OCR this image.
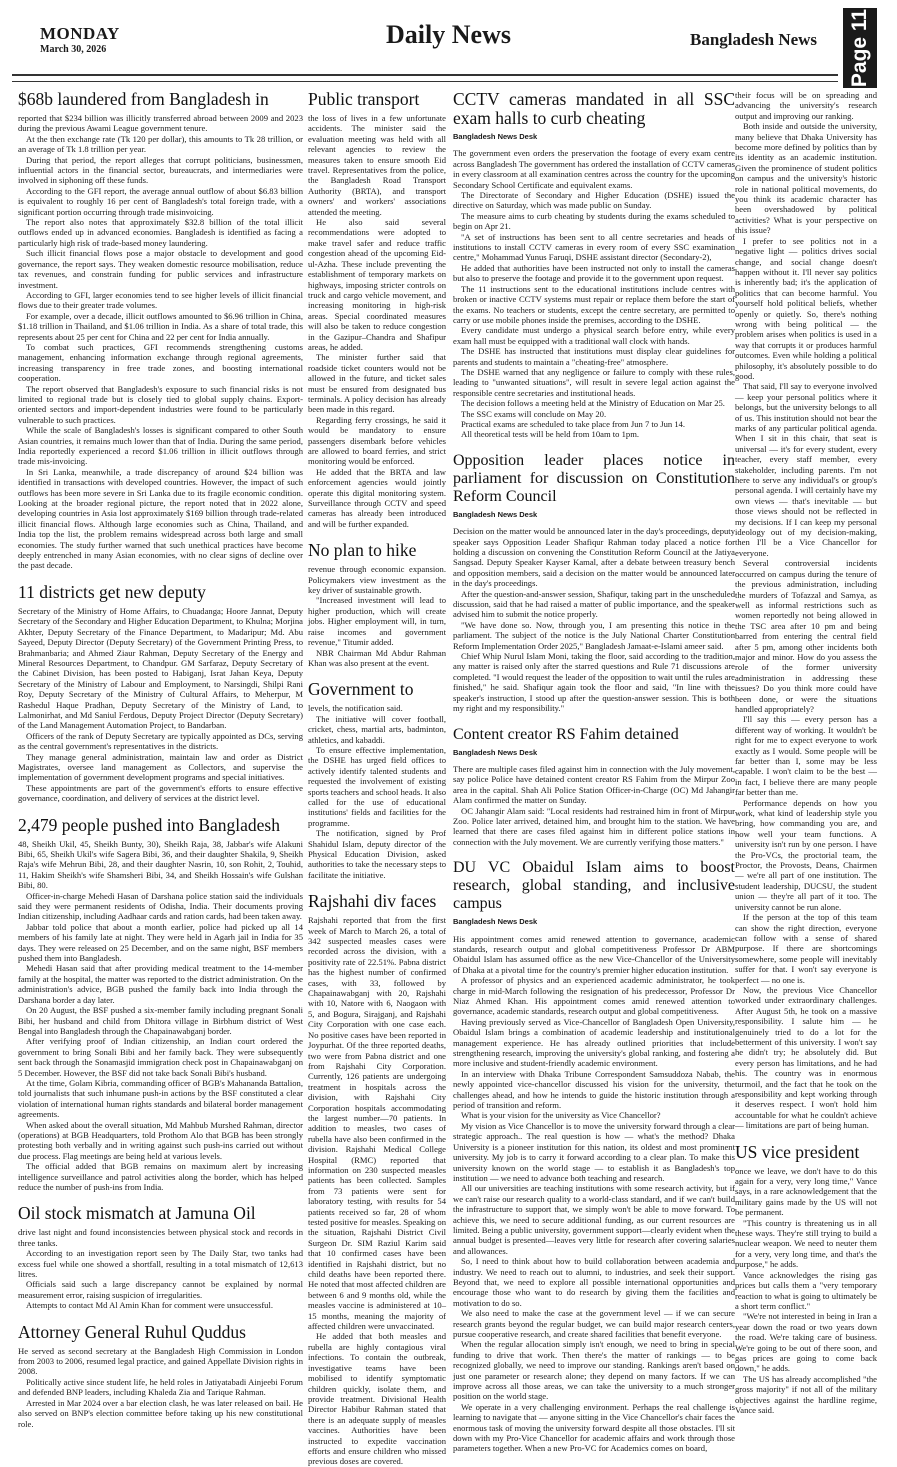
MONDAY
March 30, 2026
Daily News	Bangladesh News Page 11
$68b laundered from Bangladesh in

reported that $234 billion was illicitly transferred abroad between 2009 and 2023 during the previous Awami League government tenure.

At the then exchange rate (Tk 120 per dollar), this amounts to Tk 28 trillion, or an average of Tk 1.8 trillion per year.

During that period, the report alleges that corrupt politicians, businessmen, influential actors in the financial sector, bureaucrats, and intermediaries were involved in siphoning off these funds.

According to the GFI report, the average annual outflow of about $6.83 billion is equivalent to roughly 16 per cent of Bangladesh's total foreign trade, with a significant portion occurring through trade misinvoicing.

The report also notes that approximately $32.8 billion of the total illicit outflows ended up in advanced economies. Bangladesh is identified as facing a particularly high risk of trade-based money laundering.

Such illicit financial flows pose a major obstacle to development and good governance, the report says. They weaken domestic resource mobilisation, reduce tax revenues, and constrain funding for public services and infrastructure investment.

According to GFI, larger economies tend to see higher levels of illicit financial flows due to their greater trade volumes.

For example, over a decade, illicit outflows amounted to $6.96 trillion in China, $1.18 trillion in Thailand, and $1.06 trillion in India. As a share of total trade, this represents about 25 per cent for China and 22 per cent for India annually.

To combat such practices, GFI recommends strengthening customs management, enhancing information exchange through regional agreements, increasing transparency in free trade zones, and boosting international cooperation.

The report observed that Bangladesh's exposure to such financial risks is not limited to regional trade but is closely tied to global supply chains. Export-oriented sectors and import-dependent industries were found to be particularly vulnerable to such practices.

While the scale of Bangladesh's losses is significant compared to other South Asian countries, it remains much lower than that of India. During the same period, India reportedly experienced a record $1.06 trillion in illicit outflows through trade mis-invoicing.

In Sri Lanka, meanwhile, a trade discrepancy of around $24 billion was identified in transactions with developed countries. However, the impact of such outflows has been more severe in Sri Lanka due to its fragile economic condition. Looking at the broader regional picture, the report noted that in 2022 alone, developing countries in Asia lost approximately $169 billion through trade-related illicit financial flows. Although large economies such as China, Thailand, and India top the list, the problem remains widespread across both large and small economies. The study further warned that such unethical practices have become deeply entrenched in many Asian economies, with no clear signs of decline over the past decade.

11 districts get new deputy

Secretary of the Ministry of Home Affairs, to Chuadanga; Hoore Jannat, Deputy Secretary of the Secondary and Higher Education Department, to Khulna; Morjina Akhter, Deputy Secretary of the Finance Department, to Madaripur; Md. Abu Sayeed, Deputy Director (Deputy Secretary) of the Government Printing Press, to Brahmanbaria; and Ahmed Ziaur Rahman, Deputy Secretary of the Energy and Mineral Resources Department, to Chandpur. GM Sarfaraz, Deputy Secretary of the Cabinet Division, has been posted to Habiganj, Israt Jahan Keya, Deputy Secretary of the Ministry of Labour and Employment, to Narsingdi, Shilpi Rani Roy, Deputy Secretary of the Ministry of Cultural Affairs, to Meherpur, M Rashedul Haque Pradhan, Deputy Secretary of the Ministry of Land, to Lalmonirhat, and Md Saniul Ferdous, Deputy Project Director (Deputy Secretary) of the Land Management Automation Project, to Bandarban.

Officers of the rank of Deputy Secretary are typically appointed as DCs, serving as the central government's representatives in the districts.

They manage general administration, maintain law and order as District Magistrates, oversee land management as Collectors, and supervise the implementation of government development programs and special initiatives.

These appointments are part of the government's efforts to ensure effective governance, coordination, and delivery of services at the district level.

2,479 people pushed into Bangladesh

48, Sheikh Ukil, 45, Sheikh Bunty, 30), Sheikh Raja, 38, Jabbar's wife Alakuni Bibi, 65, Sheikh Ukil's wife Sagera Bibi, 36, and their daughter Shakila, 9, Sheikh Raja's wife Mehrun Bibi, 28, and their daughter Nasrin, 10, son Rohit, 2, Touhid, 11, Hakim Sheikh's wife Shamsheri Bibi, 34, and Sheikh Hossain's wife Gulshan Bibi, 80.

Officer-in-charge Mehedi Hasan of Darshana police station said the individuals said they were permanent residents of Odisha, India. Their documents proving Indian citizenship, including Aadhaar cards and ration cards, had been taken away.

Jabbar told police that about a month earlier, police had picked up all 14 members of his family late at night. They were held in Agarh jail in India for 35 days. They were released on 25 December, and on the same night, BSF members pushed them into Bangladesh.

Mehedi Hasan said that after providing medical treatment to the 14-member family at the hospital, the matter was reported to the district administration. On the administration's advice, BGB pushed the family back into India through the Darshana border a day later.

On 20 August, the BSF pushed a six-member family including pregnant Sonali Bibi, her husband and child from Dhitora village in Birbhum district of West Bengal into Bangladesh through the Chapainawabganj border.

After verifying proof of Indian citizenship, an Indian court ordered the government to bring Sonali Bibi and her family back. They were subsequently sent back through the Sonamasjid immigration check post in Chapainawabganj on 5 December. However, the BSF did not take back Sonali Bibi's husband.

At the time, Golam Kibria, commanding officer of BGB's Mahananda Battalion, told journalists that such inhumane push-in actions by the BSF constituted a clear violation of international human rights standards and bilateral border management agreements.

When asked about the overall situation, Md Mahbub Murshed Rahman, director (operations) at BGB Headquarters, told Prothom Alo that BGB has been strongly protesting both verbally and in writing against such push-ins carried out without due process. Flag meetings are being held at various levels.

The official added that BGB remains on maximum alert by increasing intelligence surveillance and patrol activities along the border, which has helped reduce the number of push-ins from India.

Oil stock mismatch at Jamuna Oil

drive last night and found inconsistencies between physical stock and records in three tanks.

According to an investigation report seen by The Daily Star, two tanks had excess fuel while one showed a shortfall, resulting in a total mismatch of 12,613 litres.

Officials said such a large discrepancy cannot be explained by normal measurement error, raising suspicion of irregularities.

Attempts to contact Md Al Amin Khan for comment were unsuccessful.

Attorney General Ruhul Quddus

He served as second secretary at the Bangladesh High Commission in London from 2003 to 2006, resumed legal practice, and gained Appellate Division rights in 2008.

Politically active since student life, he held roles in Jatiyatabadi Ainjeebi Forum and defended BNP leaders, including Khaleda Zia and Tarique Rahman.

Arrested in Mar 2024 over a bar election clash, he was later released on bail. He also served on BNP's election committee before taking up his new constitutional role.

Public transport

the loss of lives in a few unfortunate accidents. The minister said the evaluation meeting was held with all relevant agencies to review the measures taken to ensure smooth Eid travel. Representatives from the police, the Bangladesh Road Transport Authority (BRTA), and transport owners' and workers' associations attended the meeting.

He also said several recommendations were adopted to make travel safer and reduce traffic congestion ahead of the upcoming Eid-ul-Azha. These include preventing the establishment of temporary markets on highways, imposing stricter controls on truck and cargo vehicle movement, and increasing monitoring in high-risk areas. Special coordinated measures will also be taken to reduce congestion in the Gazipur–Chandra and Shafipur areas, he added.

The minister further said that roadside ticket counters would not be allowed in the future, and ticket sales must be ensured from designated bus terminals. A policy decision has already been made in this regard.

Regarding ferry crossings, he said it would be mandatory to ensure passengers disembark before vehicles are allowed to board ferries, and strict monitoring would be enforced.

He added that the BRTA and law enforcement agencies would jointly operate this digital monitoring system. Surveillance through CCTV and speed cameras has already been introduced and will be further expanded.

No plan to hike

revenue through economic expansion. Policymakers view investment as the key driver of sustainable growth.

"Increased investment will lead to higher production, which will create jobs. Higher employment will, in turn, raise incomes and government revenue," Titumir added.

NBR Chairman Md Abdur Rahman Khan was also present at the event.

Government to

levels, the notification said.

The initiative will cover football, cricket, chess, martial arts, badminton, athletics, and kabaddi.

To ensure effective implementation, the DSHE has urged field offices to actively identify talented students and requested the involvement of existing sports teachers and school heads. It also called for the use of educational institutions' fields and facilities for the programme.

The notification, signed by Prof Shahidul Islam, deputy director of the Physical Education Division, asked authorities to take the necessary steps to facilitate the initiative.

Rajshahi div faces

Rajshahi reported that from the first week of March to March 26, a total of 342 suspected measles cases were recorded across the division, with a positivity rate of 22.51%. Pabna district has the highest number of confirmed cases, with 33, followed by Chapainawabganj with 20, Rajshahi with 10, Natore with 6, Naogaon with 5, and Bogura, Sirajganj, and Rajshahi City Corporation with one case each. No positive cases have been reported in Joypurhat. Of the three reported deaths, two were from Pabna district and one from Rajshahi City Corporation. Currently, 126 patients are undergoing treatment in hospitals across the division, with Rajshahi City Corporation hospitals accommodating the largest number—70 patients. In addition to measles, two cases of rubella have also been confirmed in the division. Rajshahi Medical College Hospital (RMC) reported that information on 230 suspected measles patients has been collected. Samples from 73 patients were sent for laboratory testing, with results for 54 patients received so far, 28 of whom tested positive for measles. Speaking on the situation, Rajshahi District Civil Surgeon Dr. SIM Raziul Karim said that 10 confirmed cases have been identified in Rajshahi district, but no child deaths have been reported there. He noted that most affected children are between 6 and 9 months old, while the measles vaccine is administered at 10–15 months, meaning the majority of affected children were unvaccinated.

He added that both measles and rubella are highly contagious viral infections. To contain the outbreak, investigative teams have been mobilised to identify symptomatic children quickly, isolate them, and provide treatment. Divisional Health Director Habibur Rahman stated that there is an adequate supply of measles vaccines. Authorities have been instructed to expedite vaccination efforts and ensure children who missed previous doses are covered.

CCTV cameras mandated in all SSC exam halls to curb cheating
Bangladesh News Desk

The government even orders the preservation the footage of every exam centre across Bangladesh The government has ordered the installation of CCTV cameras in every classroom at all examination centres across the country for the upcoming Secondary School Certificate and equivalent exams.

The Directorate of Secondary and Higher Education (DSHE) issued the directive on Saturday, which was made public on Sunday.

The measure aims to curb cheating by students during the exams scheduled to begin on Apr 21.

"A set of instructions has been sent to all centre secretaries and heads of institutions to install CCTV cameras in every room of every SSC examination centre," Mohammad Yunus Faruqi, DSHE assistant director (Secondary-2),

He added that authorities have been instructed not only to install the cameras but also to preserve the footage and provide it to the government upon request.

The 11 instructions sent to the educational institutions include centres with broken or inactive CCTV systems must repair or replace them before the start of the exams. No teachers or students, except the centre secretary, are permitted to carry or use mobile phones inside the premises, according to the DSHE.

Every candidate must undergo a physical search before entry, while every exam hall must be equipped with a traditional wall clock with hands.

The DSHE has instructed that institutions must display clear guidelines for parents and students to maintain a "cheating-free" atmosphere.

The DSHE warned that any negligence or failure to comply with these rules, leading to "unwanted situations", will result in severe legal action against the responsible centre secretaries and institutional heads.

The decision follows a meeting held at the Ministry of Education on Mar 25.

The SSC exams will conclude on May 20.

Practical exams are scheduled to take place from Jun 7 to Jun 14.

All theoretical tests will be held from 10am to 1pm.

Opposition leader places notice in parliament for discussion on Constitution Reform Council
Bangladesh News Desk

Decision on the matter would be announced later in the day's proceedings, deputy speaker says Opposition Leader Shafiqur Rahman today placed a notice for holding a discussion on convening the Constitution Reform Council at the Jatiya Sangsad. Deputy Speaker Kayser Kamal, after a debate between treasury bench and opposition members, said a decision on the matter would be announced later in the day's proceedings.

After the question-and-answer session, Shafiqur, taking part in the unscheduled discussion, said that he had raised a matter of public importance, and the speaker advised him to submit the notice properly.

"We have done so. Now, through you, I am presenting this notice in the parliament. The subject of the notice is the July National Charter Constitution Reform Implementation Order 2025," Bangladesh Jamaat-e-Islami ameer said.

Chief Whip Nurul Islam Moni, taking the floor, said according to the tradition, any matter is raised only after the starred questions and Rule 71 discussions are completed. "I would request the leader of the opposition to wait until the rules are finished," he said. Shafiqur again took the floor and said, "In line with the speaker's instruction, I stood up after the question-answer session. This is both my right and my responsibility."

Content creator RS Fahim detained
Bangladesh News Desk

There are multiple cases filed against him in connection with the July movement, say police Police have detained content creator RS Fahim from the Mirpur Zoo area in the capital. Shah Ali Police Station Officer-in-Charge (OC) Md Jahangir Alam confirmed the matter on Sunday.

OC Jahangir Alam said: "Local residents had restrained him in front of Mirpur Zoo. Police later arrived, detained him, and brought him to the station. We have learned that there are cases filed against him in different police stations in connection with the July movement. We are currently verifying those matters."

DU VC Obaidul Islam aims to boost research, global standing, and inclusive campus
Bangladesh News Desk

His appointment comes amid renewed attention to governance, academic standards, research output and global competitiveness Professor Dr ABM Obaidul Islam has assumed office as the new Vice-Chancellor of the University of Dhaka at a pivotal time for the country's premier higher education institution.

A professor of physics and an experienced academic administrator, he took charge in mid-March following the resignation of his predecessor, Professor Dr Niaz Ahmed Khan. His appointment comes amid renewed attention to governance, academic standards, research output and global competitiveness.

Having previously served as Vice-Chancellor of Bangladesh Open University, Obaidul Islam brings a combination of academic leadership and institutional management experience. He has already outlined priorities that include strengthening research, improving the university's global ranking, and fostering a more inclusive and student-friendly academic environment.

In an interview with Dhaka Tribune Correspondent Samsuddoza Nabab, the newly appointed vice-chancellor discussed his vision for the university, the challenges ahead, and how he intends to guide the historic institution through a period of transition and reform.

What is your vision for the university as Vice Chancellor?

My vision as Vice Chancellor is to move the university forward through a clear strategic approach.. The real question is how — what's the method? Dhaka University is a pioneer institution for this nation, its oldest and most prominent university. My job is to carry it forward according to a clear plan. To make this university known on the world stage — to establish it as Bangladesh's top institution — we need to advance both teaching and research.

All our universities are teaching institutions with some research activity, but if we can't raise our research quality to a world-class standard, and if we can't build the infrastructure to support that, we simply won't be able to move forward. To achieve this, we need to secure additional funding, as our current resources are limited. Being a public university, government support—clearly evident when the annual budget is presented—leaves very little for research after covering salaries and allowances.

So, I need to think about how to build collaboration between academia and industry. We need to reach out to alumni, to industries, and seek their support. Beyond that, we need to explore all possible international opportunities and encourage those who want to do research by giving them the facilities and motivation to do so.

We also need to make the case at the government level — if we can secure research grants beyond the regular budget, we can build major research centers, pursue cooperative research, and create shared facilities that benefit everyone.

When the regular allocation simply isn't enough, we need to bring in special funding to drive that work. Then there's the matter of rankings — to be recognized globally, we need to improve our standing. Rankings aren't based on just one parameter or research alone; they depend on many factors. If we can improve across all those areas, we can take the university to a much stronger position on the world stage.

We operate in a very challenging environment. Perhaps the real challenge is learning to navigate that — anyone sitting in the Vice Chancellor's chair faces the enormous task of moving the university forward despite all those obstacles. I'll sit down with my Pro-Vice Chancellor for academic affairs and work through those parameters together. When a new Pro-VC for Academics comes on board,

their focus will be on spreading and advancing the university's research output and improving our ranking.

Both inside and outside the university, many believe that Dhaka University has become more defined by politics than by its identity as an academic institution. Given the prominence of student politics on campus and the university's historic role in national political movements, do you think its academic character has been overshadowed by political activities? What is your perspective on this issue?

I prefer to see politics not in a negative light — politics drives social change, and social change doesn't happen without it. I'll never say politics is inherently bad; it's the application of politics that can become harmful. You yourself hold political beliefs, whether openly or quietly. So, there's nothing wrong with being political — the problem arises when politics is used in a way that corrupts it or produces harmful outcomes. Even while holding a political philosophy, it's absolutely possible to do good.

That said, I'll say to everyone involved — keep your personal politics where it belongs, but the university belongs to all of us. This institution should not bear the marks of any particular political agenda. When I sit in this chair, that seat is universal — it's for every student, every teacher, every staff member, every stakeholder, including parents. I'm not here to serve any individual's or group's personal agenda. I will certainly have my own views — that's inevitable — but those views should not be reflected in my decisions. If I can keep my personal ideology out of my decision-making, then I'll be a Vice Chancellor for everyone.

Several controversial incidents occurred on campus during the tenure of the previous administration, including the murders of Tofazzal and Samya, as well as informal restrictions such as women reportedly not being allowed in the TSC area after 10 pm and being barred from entering the central field after 5 pm, among other incidents both major and minor. How do you assess the role of the former university administration in addressing these issues? Do you think more could have been done, or were the situations handled appropriately?

I'll say this — every person has a different way of working. It wouldn't be right for me to expect everyone to work exactly as I would. Some people will be far better than I, some may be less capable. I won't claim to be the best — in fact, I believe there are many people far better than me.

Performance depends on how you work, what kind of leadership style you bring, how commanding you are, and how well your team functions. A university isn't run by one person. I have the Pro-VCs, the proctorial team, the Proctor, the Provosts, Deans, Chairmen — we're all part of one institution. The student leadership, DUCSU, the student union — they're all part of it too. The university cannot be run alone.

If the person at the top of this team can show the right direction, everyone can follow with a sense of shared purpose. If there are shortcomings somewhere, some people will inevitably suffer for that. I won't say everyone is perfect — no one is.

Now, the previous Vice Chancellor worked under extraordinary challenges. After August 5th, he took on a massive responsibility. I salute him — he genuinely tried to do a lot for the betterment of this university. I won't say he didn't try; he absolutely did. But every person has limitations, and he had his. The country was in enormous turmoil, and the fact that he took on the responsibility and kept working through it deserves respect. I won't hold him accountable for what he couldn't achieve — limitations are part of being human.

US vice president

once we leave, we don't have to do this again for a very, very long time," Vance says, in a rare acknowledgement that the military gains made by the US will not be permanent.

"This country is threatening us in all these ways. They're still trying to build a nuclear weapon. We need to neuter them for a very, very long time, and that's the purpose," he adds.

Vance acknowledges the rising gas prices but calls them a "very temporary reaction to what is going to ultimately be a short term conflict."

"We're not interested in being in Iran a year down the road or two years down the road. We're taking care of business. We're going to be out of there soon, and gas prices are going to come back down," he adds.

The US has already accomplished "the gross majority" if not all of the military objectives against the hardline regime, Vance said.
